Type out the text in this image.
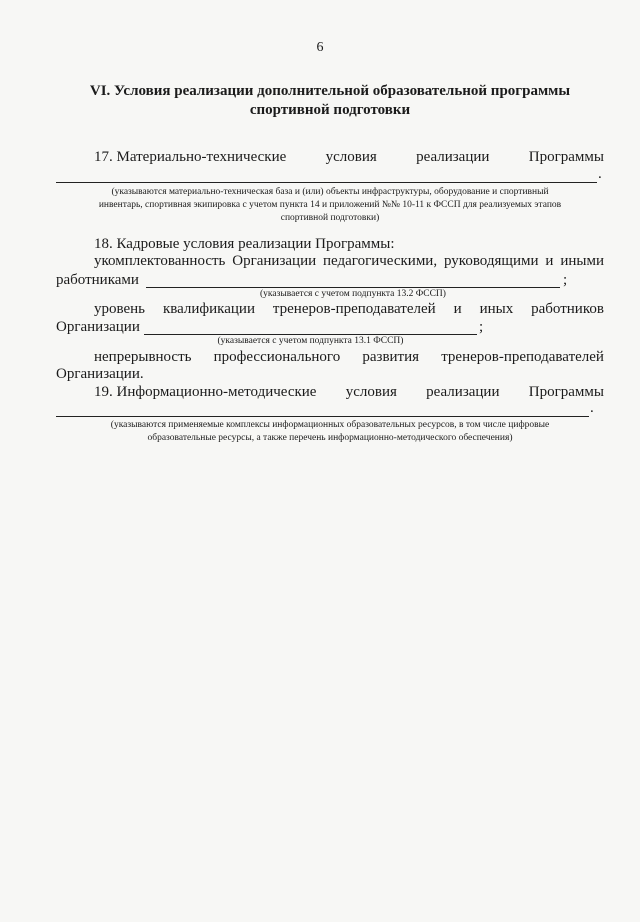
6
VI. Условия реализации дополнительной образовательной программы
спортивной подготовки
17. Материально-технические	условия	реализации	Программы
.
(указываются материально-техническая база и (или) объекты инфраструктуры, оборудование и спортивный
инвентарь, спортивная экипировка с учетом пункта 14 и приложений №№ 10-11 к ФССП для реализуемых этапов
спортивной подготовки)
18. Кадровые условия реализации Программы:
укомплектованность Организации педагогическими, руководящими и иными
работниками	;
(указывается с учетом подпункта 13.2 ФССП)
уровень квалификации тренеров-преподавателей и иных работников
Организации	;
(указывается с учетом подпункта 13.1 ФССП)
непрерывность профессионального развития тренеров-преподавателей
Организации.
19. Информационно-методические условия реализации Программы
.
(указываются применяемые комплексы информационных образовательных ресурсов, в том числе цифровые
образовательные ресурсы, а также перечень информационно-методического обеспечения)
